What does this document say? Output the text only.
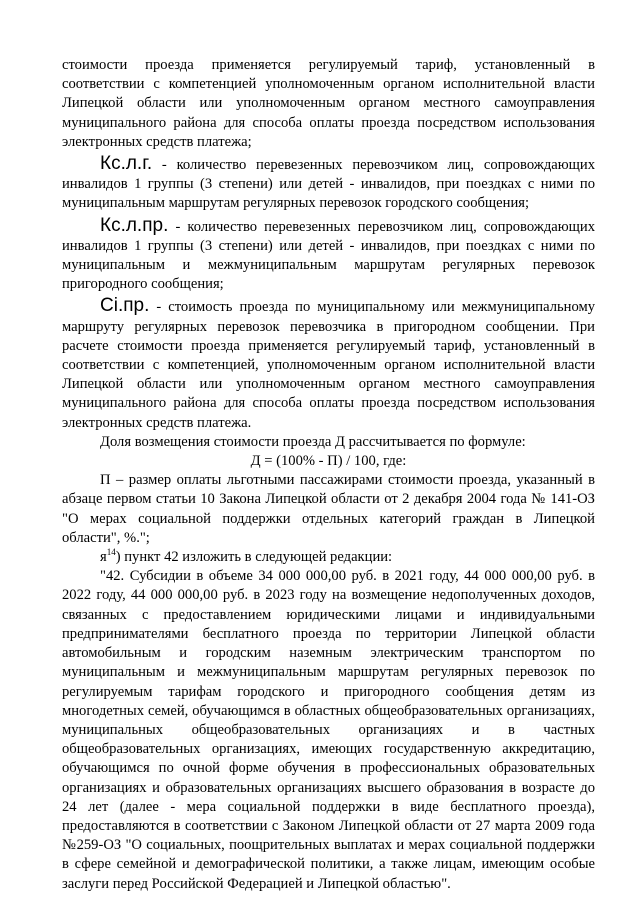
стоимости проезда применяется регулируемый тариф, установленный в соответствии с компетенцией уполномоченным органом исполнительной власти Липецкой области или уполномоченным органом местного самоуправления муниципального района для способа оплаты проезда посредством использования электронных средств платежа;

Кс.л.г. - количество перевезенных перевозчиком лиц, сопровождающих инвалидов 1 группы (3 степени) или детей - инвалидов, при поездках с ними по муниципальным маршрутам регулярных перевозок городского сообщения;

Кс.л.пр. - количество перевезенных перевозчиком лиц, сопровождающих инвалидов 1 группы (3 степени) или детей - инвалидов, при поездках с ними по муниципальным и межмуниципальным маршрутам регулярных перевозок пригородного сообщения;

Ci.пр. - стоимость проезда по муниципальному или межмуниципальному маршруту регулярных перевозок перевозчика в пригородном сообщении. При расчете стоимости проезда применяется регулируемый тариф, установленный в соответствии с компетенцией, уполномоченным органом исполнительной власти Липецкой области или уполномоченным органом местного самоуправления муниципального района для способа оплаты проезда посредством использования электронных средств платежа.

Доля возмещения стоимости проезда Д рассчитывается по формуле:

Д = (100% - П) / 100, где:

П – размер оплаты льготными пассажирами стоимости проезда, указанный в абзаце первом статьи 10 Закона Липецкой области от 2 декабря 2004 года № 141-ОЗ "О мерах социальной поддержки отдельных категорий граждан в Липецкой области", %.";

$я^{14}$) пункт 42 изложить в следующей редакции:

"42. Субсидии в объеме 34 000 000,00 руб. в 2021 году, 44 000 000,00 руб. в 2022 году, 44 000 000,00 руб. в 2023 году на возмещение недополученных доходов, связанных с предоставлением юридическими лицами и индивидуальными предпринимателями бесплатного проезда по территории Липецкой области автомобильным и городским наземным электрическим транспортом по муниципальным и межмуниципальным маршрутам регулярных перевозок по регулируемым тарифам городского и пригородного сообщения детям из многодетных семей, обучающимся в областных общеобразовательных организациях, муниципальных общеобразовательных организациях и в частных общеобразовательных организациях, имеющих государственную аккредитацию, обучающимся по очной форме обучения в профессиональных образовательных организациях и образовательных организациях высшего образования в возрасте до 24 лет (далее - мера социальной поддержки в виде бесплатного проезда), предоставляются в соответствии с Законом Липецкой области от 27 марта 2009 года №259-ОЗ "О социальных, поощрительных выплатах и мерах социальной поддержки в сфере семейной и демографической политики, а также лицам, имеющим особые заслуги перед Российской Федерацией и Липецкой областью".
